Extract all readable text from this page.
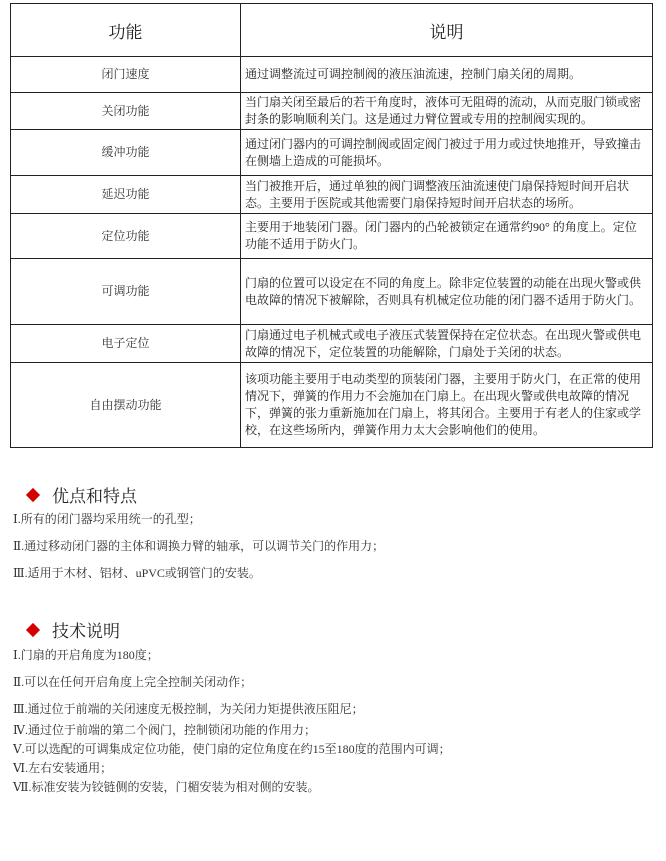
功能	说明
闭门速度	通过调整流过可调控制阀的液压油流速，控制门扇关闭的周期。
关闭功能	当门扇关闭至最后的若干角度时，液体可无阻碍的流动，从而克服门锁或密封条的影响顺利关门。这是通过力臂位置或专用的控制阀实现的。
缓冲功能	通过闭门器内的可调控制阀或固定阀门被过于用力或过快地推开，导致撞击在侧墙上造成的可能损坏。
延迟功能	当门被推开后，通过单独的阀门调整液压油流速使门扇保持短时间开启状态。主要用于医院或其他需要门扇保持短时间开启状态的场所。
定位功能	主要用于地装闭门器。闭门器内的凸轮被锁定在通常约90° 的角度上。定位功能不适用于防火门。
可调功能	门扇的位置可以设定在不同的角度上。除非定位装置的动能在出现火警或供电故障的情况下被解除，否则具有机械定位功能的闭门器不适用于防火门。
电子定位	门扇通过电子机械式或电子液压式装置保持在定位状态。在出现火警或供电故障的情况下，定位装置的功能解除，门扇处于关闭的状态。
自由摆动功能	该项功能主要用于电动类型的顶装闭门器，主要用于防火门，在正常的使用情况下，弹簧的作用力不会施加在门扇上。在出现火警或供电故障的情况下，弹簧的张力重新施加在门扇上，将其闭合。主要用于有老人的住家或学校，在这些场所内，弹簧作用力太大会影响他们的使用。
优点和特点
Ⅰ.所有的闭门器均采用统一的孔型；
Ⅱ.通过移动闭门器的主体和调换力臂的轴承，可以调节关门的作用力；
Ⅲ.适用于木材、铝材、uPVC或钢管门的安装。
技术说明
Ⅰ.门扇的开启角度为180度；
Ⅱ.可以在任何开启角度上完全控制关闭动作；
Ⅲ.通过位于前端的关闭速度无极控制，为关闭力矩提供液压阻尼；
Ⅳ.通过位于前端的第二个阀门，控制锁闭功能的作用力；
Ⅴ.可以选配的可调集成定位功能，使门扇的定位角度在约15至180度的范围内可调；
Ⅵ.左右安装通用；
Ⅶ.标准安装为铰链侧的安装，门楣安装为相对侧的安装。
